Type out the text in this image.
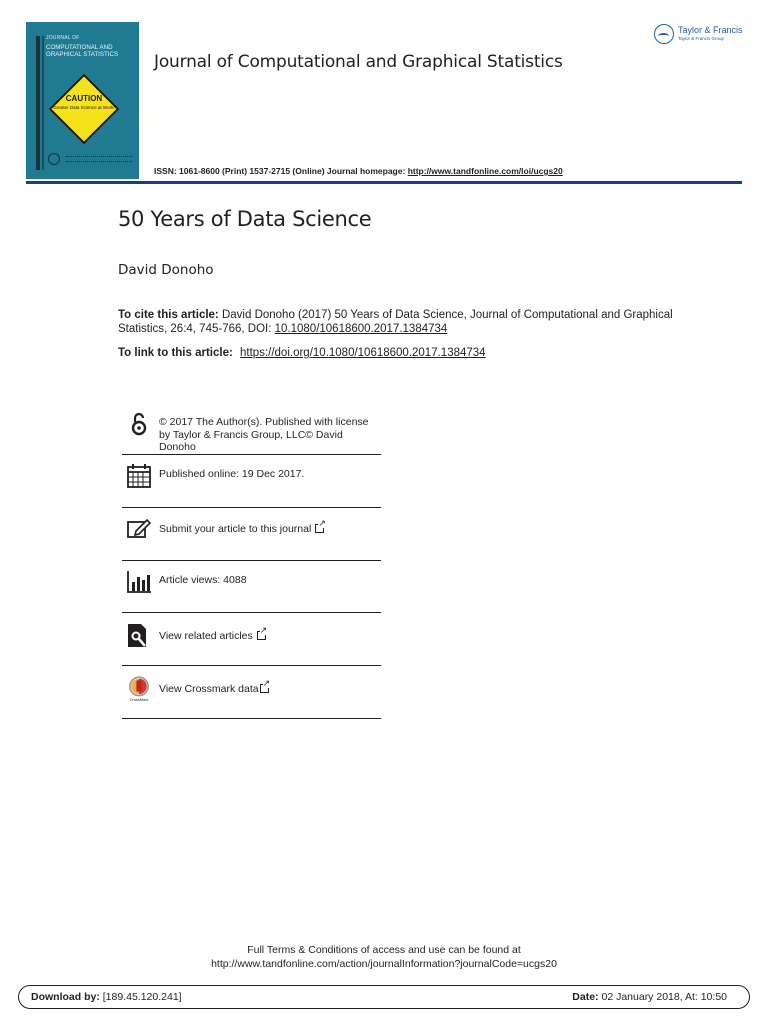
JOURNAL OF
COMPUTATIONAL AND GRAPHICAL STATISTICS
CAUTION
Greater Data Science at Work!
Journal of Computational and Graphical Statistics
ISSN: 1061-8600 (Print) 1537-2715 (Online) Journal homepage: http://www.tandfonline.com/loi/ucgs20
Taylor & Francis
Taylor & Francis Group
50 Years of Data Science
David Donoho
To cite this article: David Donoho (2017) 50 Years of Data Science, Journal of Computational and Graphical Statistics, 26:4, 745-766, DOI: 10.1080/10618600.2017.1384734
To link to this article: https://doi.org/10.1080/10618600.2017.1384734
© 2017 The Author(s). Published with license by Taylor & Francis Group, LLC© David Donoho
Published online: 19 Dec 2017.
Submit your article to this journal↗
Article views: 4088
View related articles↗
CrossMark
View Crossmark data↗
Full Terms & Conditions of access and use can be found at
http://www.tandfonline.com/action/journalInformation?journalCode=ucgs20
Download by: [189.45.120.241]	Date: 02 January 2018, At: 10:50
